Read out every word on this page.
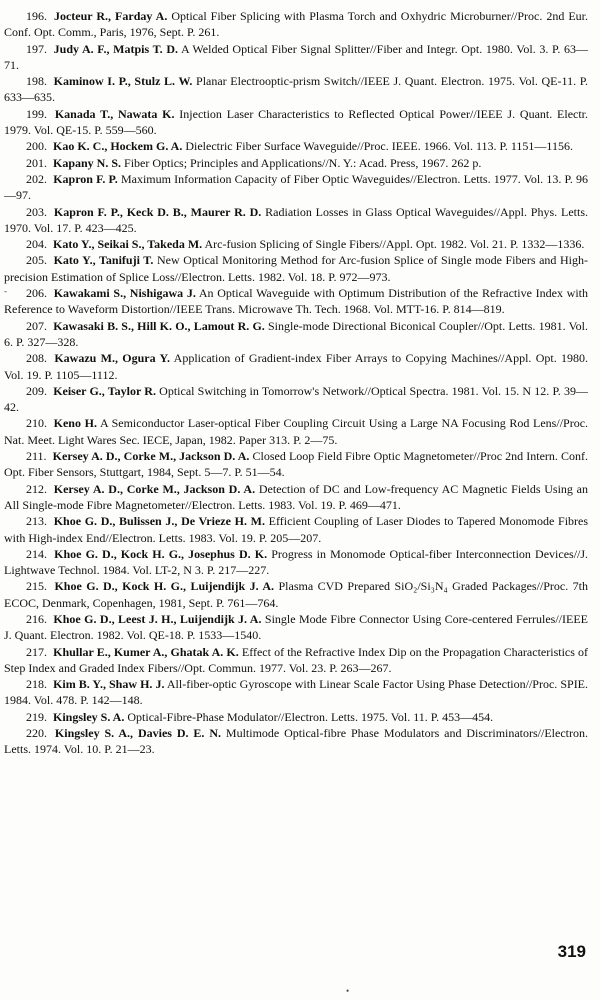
196. Jocteur R., Farday A. Optical Fiber Splicing with Plasma Torch and Oxhydric Microburner//Proc. 2nd Eur. Conf. Opt. Comm., Paris, 1976, Sept. P. 261.

197. Judy A. F., Matpis T. D. A Welded Optical Fiber Signal Splitter//Fiber and Integr. Opt. 1980. Vol. 3. P. 63—71.

198. Kaminow I. P., Stulz L. W. Planar Electrooptic-prism Switch//IEEE J. Quant. Electron. 1975. Vol. QE-11. P. 633—635.

199. Kanada T., Nawata K. Injection Laser Characteristics to Reflected Optical Power//IEEE J. Quant. Electr. 1979. Vol. QE-15. P. 559—560.

200. Kao K. C., Hockem G. A. Dielectric Fiber Surface Waveguide//Proc. IEEE. 1966. Vol. 113. P. 1151—1156.

201. Kapany N. S. Fiber Optics; Principles and Applications//N. Y.: Acad. Press, 1967. 262 p.

202. Kapron F. P. Maximum Information Capacity of Fiber Optic Waveguides//Electron. Letts. 1977. Vol. 13. P. 96—97.

203. Kapron F. P., Keck D. B., Maurer R. D. Radiation Losses in Glass Optical Waveguides//Appl. Phys. Letts. 1970. Vol. 17. P. 423—425.

204. Kato Y., Seikai S., Takeda M. Arc-fusion Splicing of Single Fibers//Appl. Opt. 1982. Vol. 21. P. 1332—1336.

205. Kato Y., Tanifuji T. New Optical Monitoring Method for Arc-fusion Splice of Single mode Fibers and High-precision Estimation of Splice Loss//Electron. Letts. 1982. Vol. 18. P. 972—973.

206. Kawakami S., Nishigawa J. An Optical Waveguide with Optimum Distribution of the Refractive Index with Reference to Waveform Distortion//IEEE Trans. Microwave Th. Tech. 1968. Vol. MTT-16. P. 814—819.

207. Kawasaki B. S., Hill K. O., Lamout R. G. Single-mode Directional Biconical Coupler//Opt. Letts. 1981. Vol. 6. P. 327—328.

208. Kawazu M., Ogura Y. Application of Gradient-index Fiber Arrays to Copying Machines//Appl. Opt. 1980. Vol. 19. P. 1105—1112.

209. Keiser G., Taylor R. Optical Switching in Tomorrow's Network//Optical Spectra. 1981. Vol. 15. N 12. P. 39—42.

210. Keno H. A Semiconductor Laser-optical Fiber Coupling Circuit Using a Large NA Focusing Rod Lens//Proc. Nat. Meet. Light Wares Sec. IECE, Japan, 1982. Paper 313. P. 2—75.

211. Kersey A. D., Corke M., Jackson D. A. Closed Loop Field Fibre Optic Magnetometer//Proc 2nd Intern. Conf. Opt. Fiber Sensors, Stuttgart, 1984, Sept. 5—7. P. 51—54.

212. Kersey A. D., Corke M., Jackson D. A. Detection of DC and Low-frequency AC Magnetic Fields Using an All Single-mode Fibre Magnetometer//Electron. Letts. 1983. Vol. 19. P. 469—471.

213. Khoe G. D., Bulissen J., De Vrieze H. M. Efficient Coupling of Laser Diodes to Tapered Monomode Fibres with High-index End//Electron. Letts. 1983. Vol. 19. P. 205—207.

214. Khoe G. D., Kock H. G., Josephus D. K. Progress in Monomode Optical-fiber Interconnection Devices//J. Lightwave Technol. 1984. Vol. LT-2, N 3. P. 217—227.

215. Khoe G. D., Kock H. G., Luijendijk J. A. Plasma CVD Prepared SiO₂/Si₃N₄ Graded Packages//Proc. 7th ECOC, Denmark, Copenhagen, 1981, Sept. P. 761—764.

216. Khoe G. D., Leest J. H., Luijendijk J. A. Single Mode Fibre Connector Using Core-centered Ferrules//IEEE J. Quant. Electron. 1982. Vol. QE-18. P. 1533—1540.

217. Khullar E., Kumer A., Ghatak A. K. Effect of the Refractive Index Dip on the Propagation Characteristics of Step Index and Graded Index Fibers//Opt. Commun. 1977. Vol. 23. P. 263—267.

218. Kim B. Y., Shaw H. J. All-fiber-optic Gyroscope with Linear Scale Factor Using Phase Detection//Proc. SPIE. 1984. Vol. 478. P. 142—148.

219. Kingsley S. A. Optical-Fibre-Phase Modulator//Electron. Letts. 1975. Vol. 11. P. 453—454.

220. Kingsley S. A., Davies D. E. N. Multimode Optical-fibre Phase Modulators and Discriminators//Electron. Letts. 1974. Vol. 10. P. 21—23.

319
-
•
